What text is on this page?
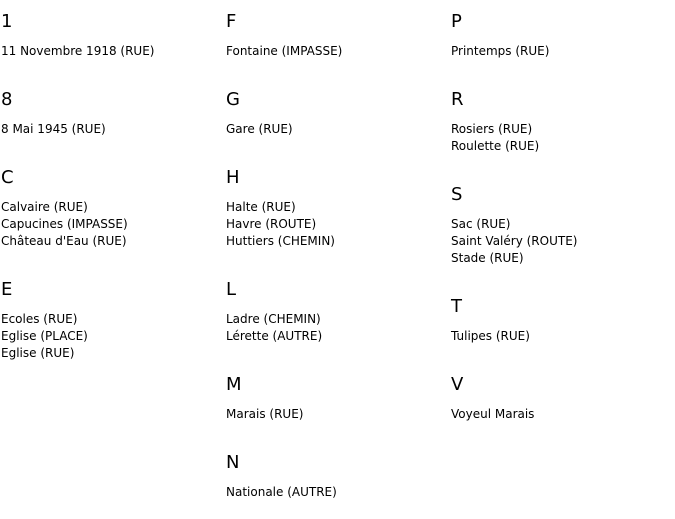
1
11 Novembre 1918 (RUE)
8
8 Mai 1945 (RUE)
C
Calvaire (RUE)
Capucines (IMPASSE)
Château d'Eau (RUE)
E
Ecoles (RUE)
Eglise (PLACE)
Eglise (RUE)
F
Fontaine (IMPASSE)
G
Gare (RUE)
H
Halte (RUE)
Havre (ROUTE)
Huttiers (CHEMIN)
L
Ladre (CHEMIN)
Lérette (AUTRE)
M
Marais (RUE)
N
Nationale (AUTRE)
P
Printemps (RUE)
R
Rosiers (RUE)
Roulette (RUE)
S
Sac (RUE)
Saint Valéry (ROUTE)
Stade (RUE)
T
Tulipes (RUE)
V
Voyeul Marais
